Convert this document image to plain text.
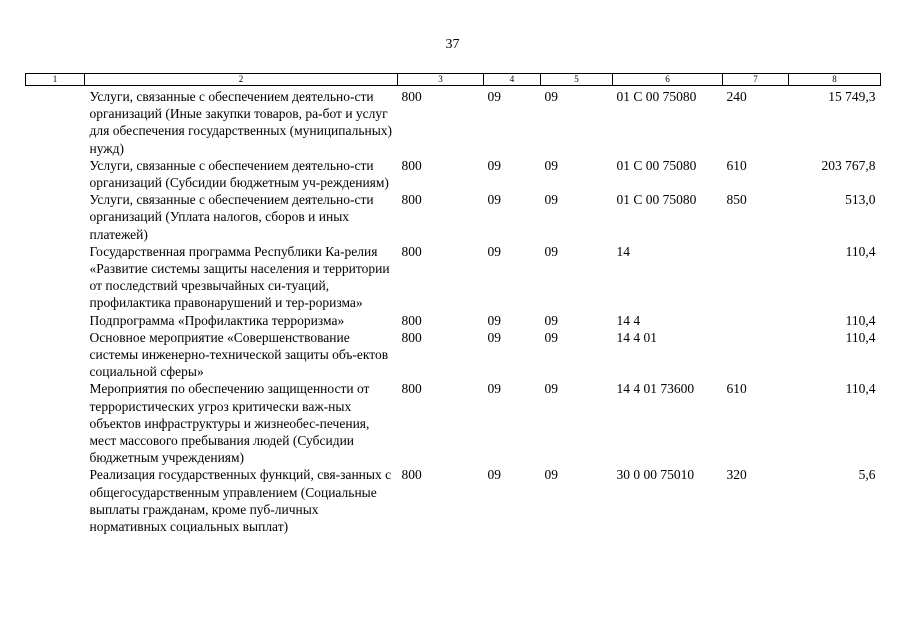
37
1	2	3	4	5	6	7	8
	Услуги, связанные с обеспечением деятельно-сти организаций (Иные закупки товаров, ра-бот и услуг для обеспечения государственных (муниципальных) нужд)	800	09	09	01 С 00 75080	240	15 749,3
	Услуги, связанные с обеспечением деятельно-сти организаций (Субсидии бюджетным уч-реждениям)	800	09	09	01 С 00 75080	610	203 767,8
	Услуги, связанные с обеспечением деятельно-сти организаций (Уплата налогов, сборов и иных платежей)	800	09	09	01 С 00 75080	850	513,0
	Государственная программа Республики Ка-релия «Развитие системы защиты населения и территории от последствий чрезвычайных си-туаций, профилактика правонарушений и тер-роризма»	800	09	09	14		110,4
	Подпрограмма «Профилактика терроризма»	800	09	09	14 4		110,4
	Основное мероприятие «Совершенствование системы инженерно-технической защиты объ-ектов социальной сферы»	800	09	09	14 4 01		110,4
	Мероприятия по обеспечению защищенности от террористических угроз критически важ-ных объектов инфраструктуры и жизнеобес-печения, мест массового пребывания людей (Субсидии бюджетным учреждениям)	800	09	09	14 4 01 73600	610	110,4
	Реализация государственных функций, свя-занных с общегосударственным управлением (Социальные выплаты гражданам, кроме пуб-личных нормативных социальных выплат)	800	09	09	30 0 00 75010	320	5,6
